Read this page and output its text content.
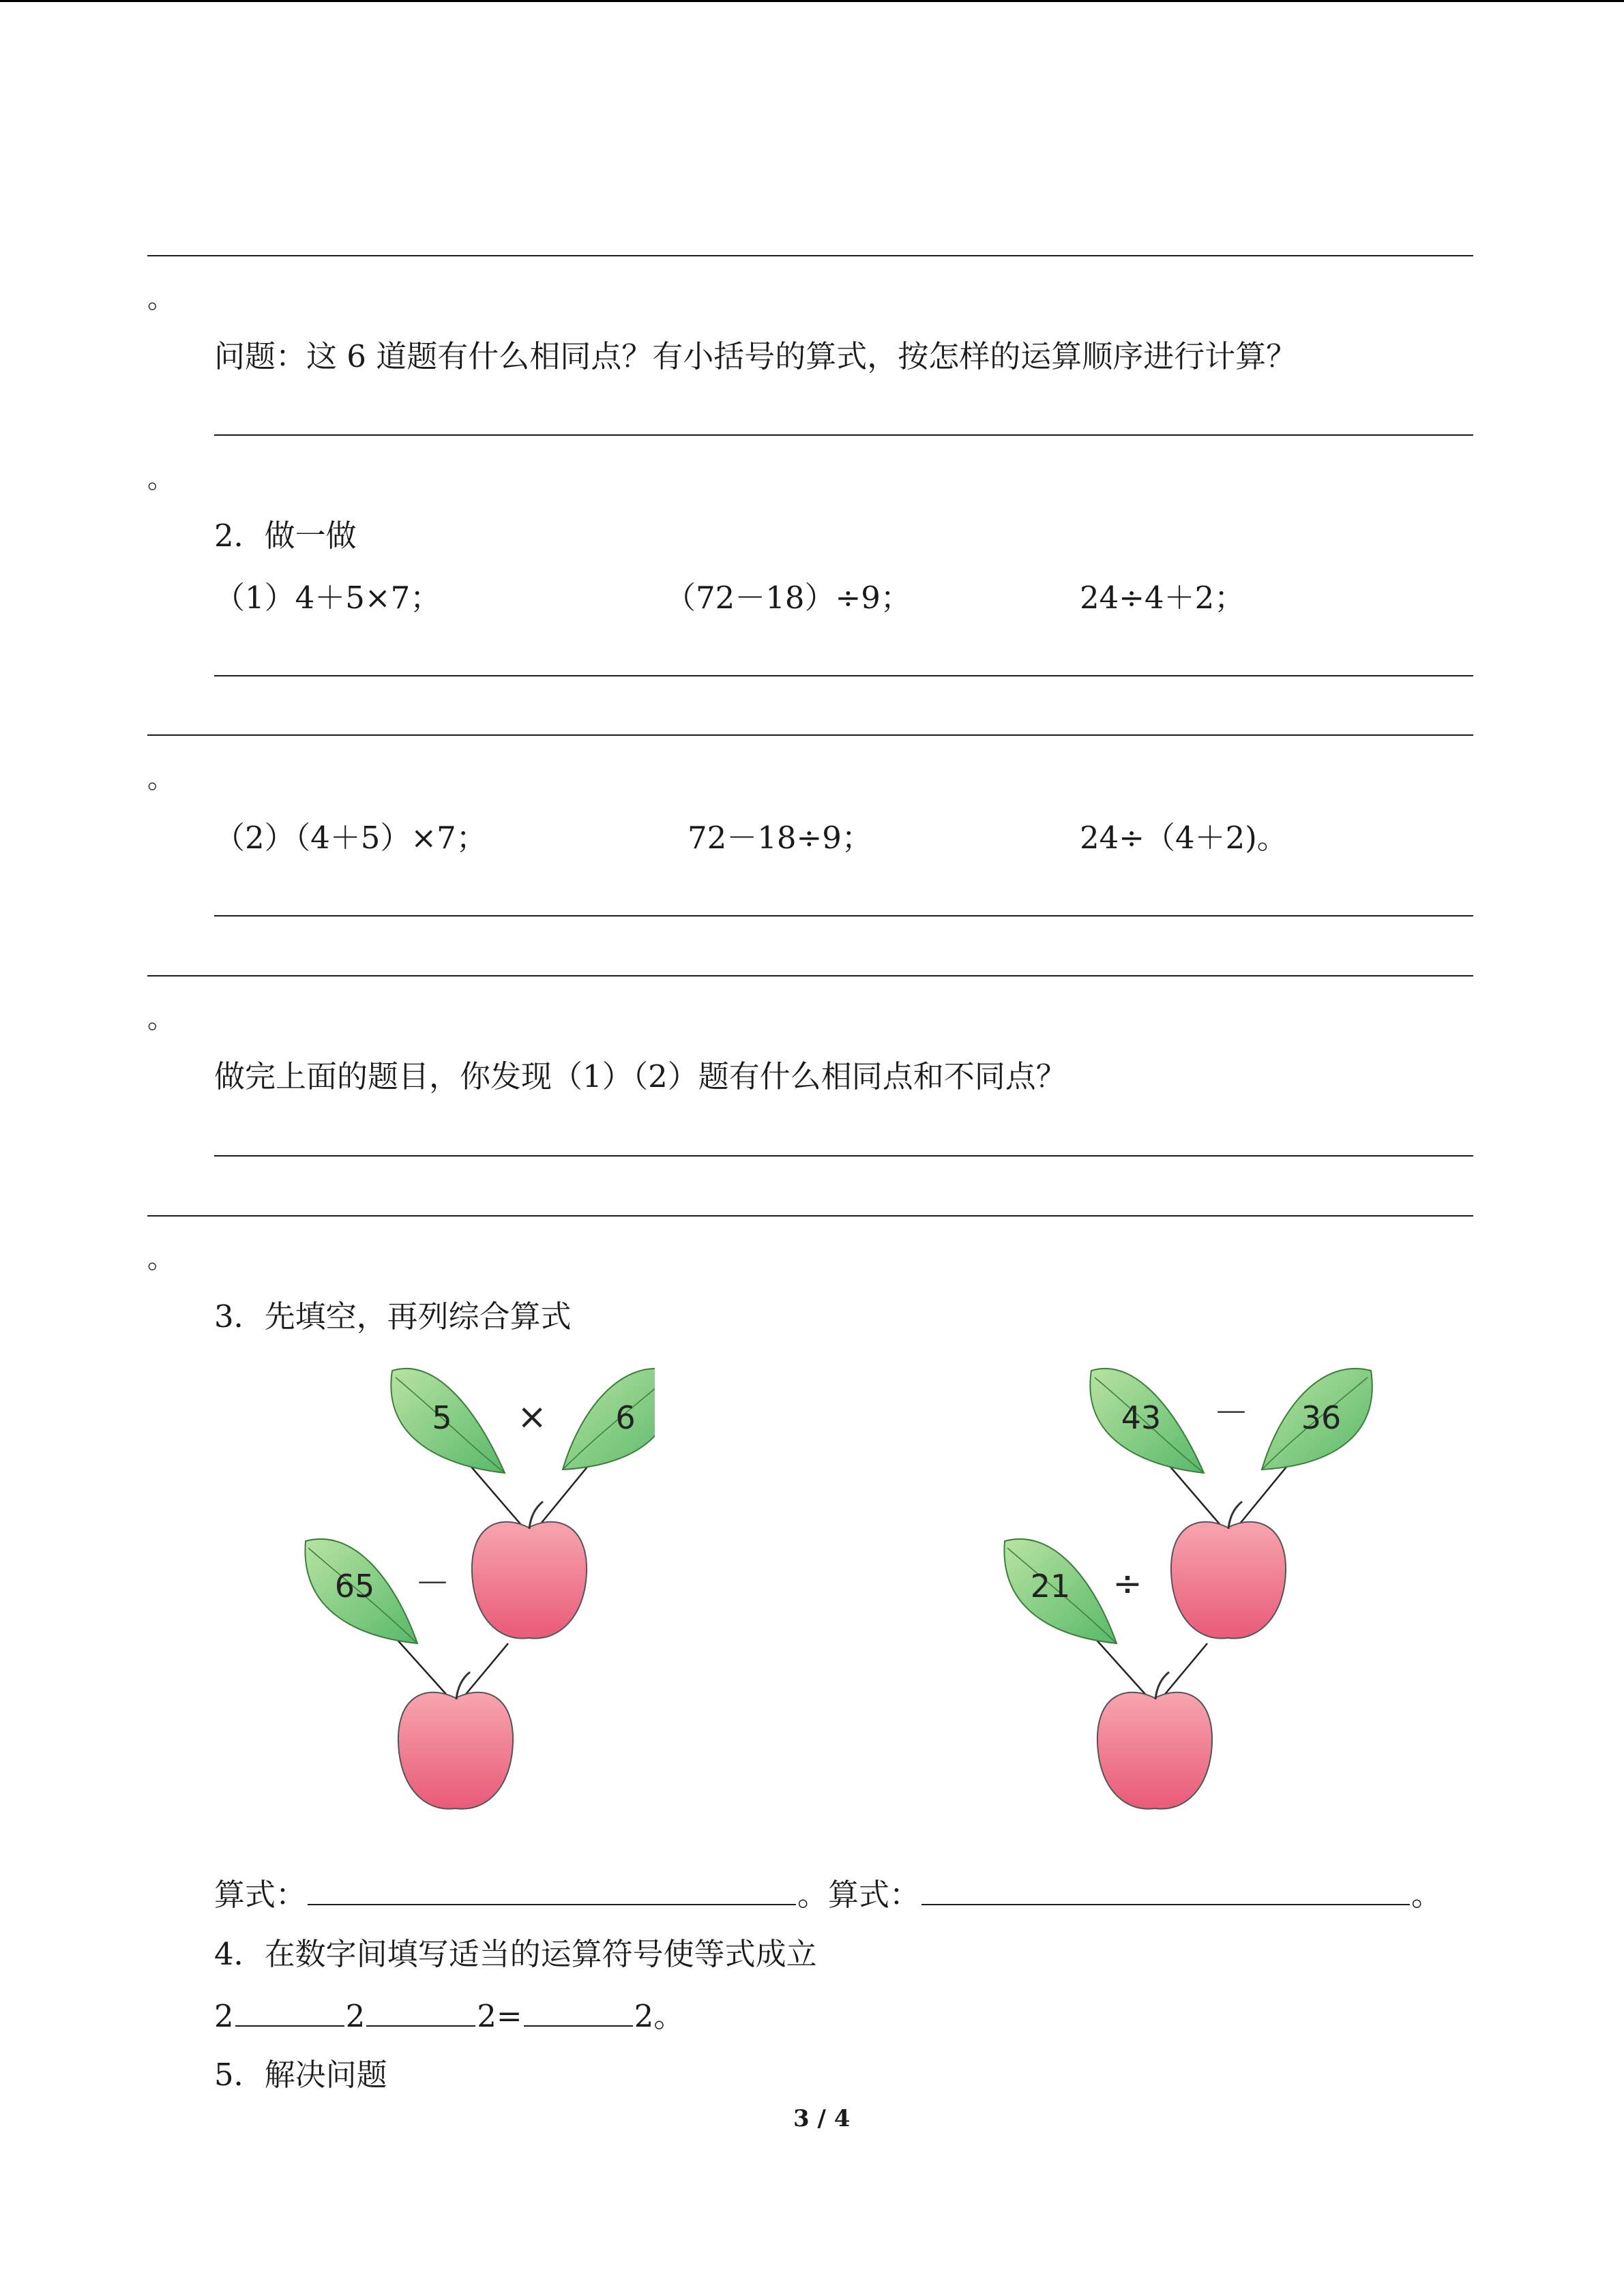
。
问题：这 6 道题有什么相同点？有小括号的算式，按怎样的运算顺序进行计算？
。
2．做一做
（1）4＋5×7；	（72－18）÷9；	24÷4＋2；
。
（2）（4＋5）×7；	72－18÷9；	24÷（4＋2)。
。
做完上面的题目，你发现（1）（2）题有什么相同点和不同点？
。
3．先填空，再列综合算式
5 × 6
65 －
43 － 36
21 ÷
算式：	。算式：	。
4．在数字间填写适当的运算符号使等式成立
2	2	2=	2。
5．解决问题
3 / 4
